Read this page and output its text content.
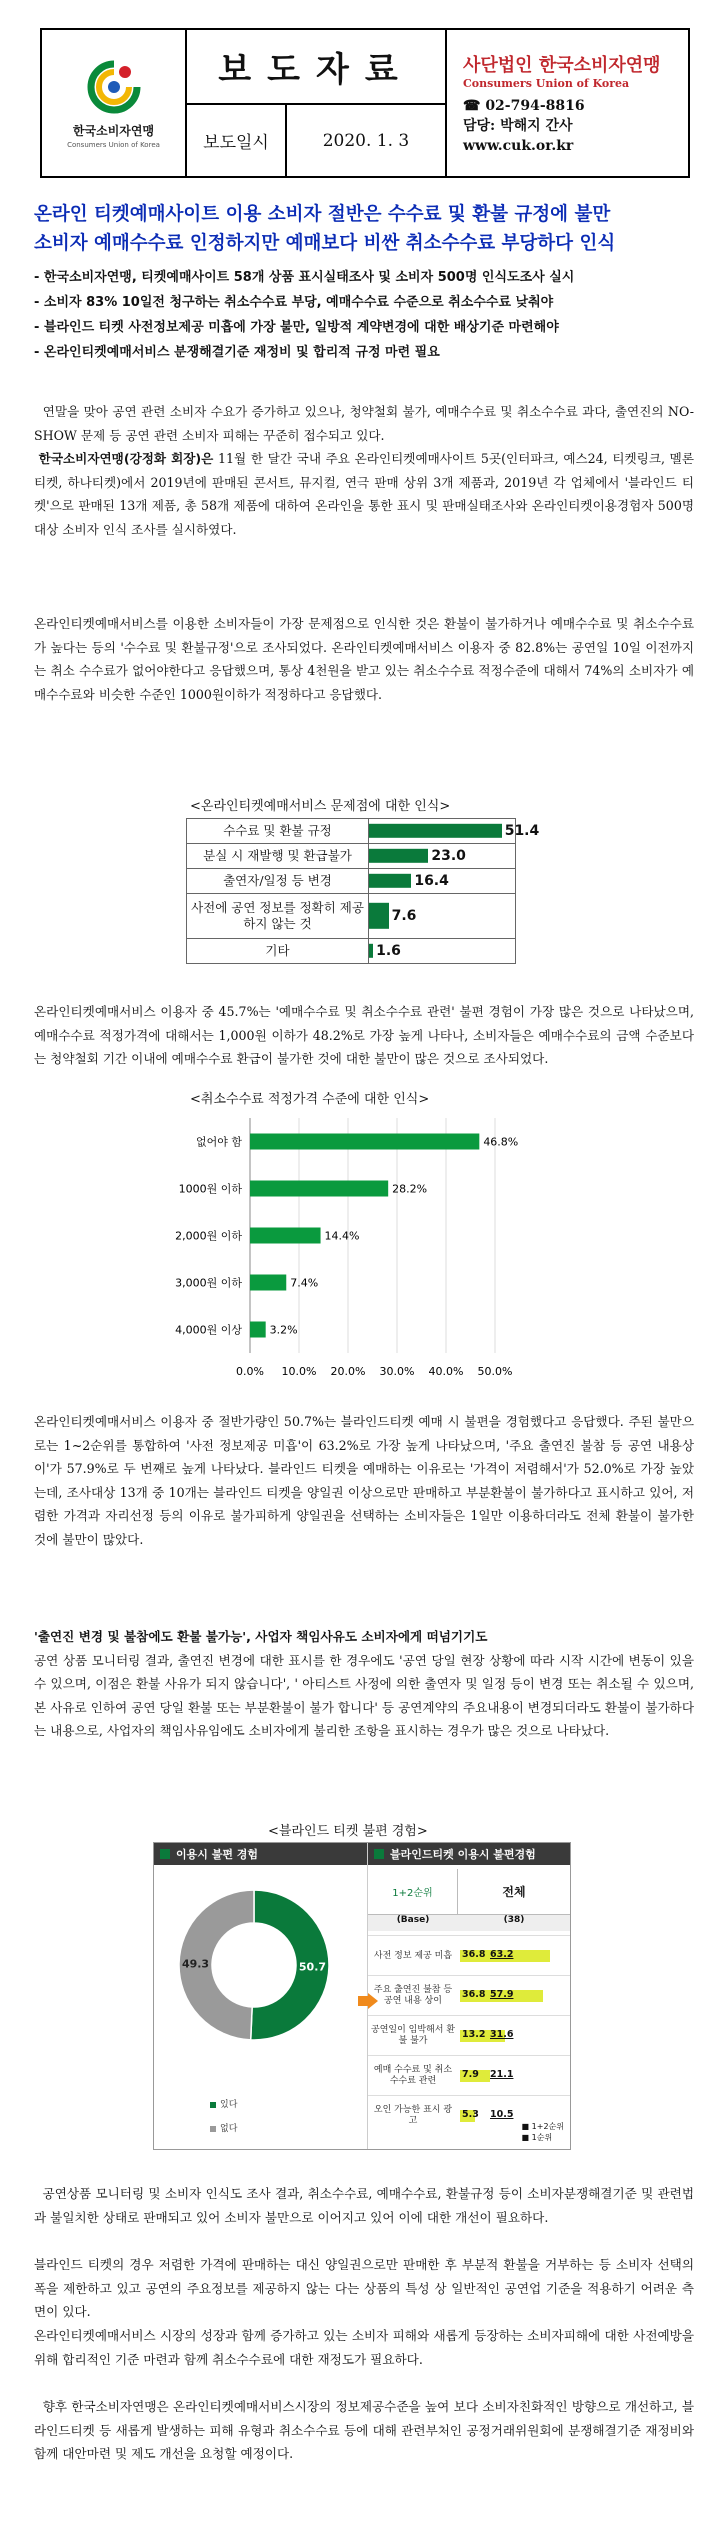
한국소비자연맹
Consumers Union of Korea
보도자료
보도일시	2020. 1. 3
사단법인 한국소비자연맹
Consumers Union of Korea
☎ 02-794-8816
담당: 박해지 간사
www.cuk.or.kr
온라인 티켓예매사이트 이용 소비자 절반은 수수료 및 환불 규정에 불만
소비자 예매수수료 인정하지만 예매보다 비싼 취소수수료 부당하다 인식
- 한국소비자연맹, 티켓예매사이트 58개 상품 표시실태조사 및 소비자 500명 인식도조사 실시
- 소비자 83% 10일전 청구하는 취소수수료 부당, 예매수수료 수준으로 취소수수료 낮춰야
- 블라인드 티켓 사전정보제공 미흡에 가장 불만, 일방적 계약변경에 대한 배상기준 마련해야
- 온라인티켓예매서비스 분쟁해결기준 재정비 및 합리적 규정 마련 필요
연말을 맞아 공연 관련 소비자 수요가 증가하고 있으나, 청약철회 불가, 예매수수료 및 취소수수료 과다, 출연진의 NO-SHOW 문제 등 공연 관련 소비자 피해는 꾸준히 접수되고 있다.
한국소비자연맹(강정화 회장)은 11월 한 달간 국내 주요 온라인티켓예매사이트 5곳(인터파크, 예스24, 티켓링크, 멜론티켓, 하나티켓)에서 2019년에 판매된 콘서트, 뮤지컬, 연극 판매 상위 3개 제품과, 2019년 각 업체에서 '블라인드 티켓'으로 판매된 13개 제품, 총 58개 제품에 대하여 온라인을 통한 표시 및 판매실태조사와 온라인티켓이용경험자 500명 대상 소비자 인식 조사를 실시하였다.
온라인티켓예매서비스를 이용한 소비자들이 가장 문제점으로 인식한 것은 환불이 불가하거나 예매수수료 및 취소수수료가 높다는 등의 '수수료 및 환불규정'으로 조사되었다. 온라인티켓예매서비스 이용자 중 82.8%는 공연일 10일 이전까지는 취소 수수료가 없어야한다고 응답했으며, 통상 4천원을 받고 있는 취소수수료 적정수준에 대해서 74%의 소비자가 예매수수료와 비슷한 수준인 1000원이하가 적정하다고 응답했다.
<온라인티켓예매서비스 문제점에 대한 인식>
수수료 및 환불 규정	51.4
분실 시 재발행 및 환급불가	23.0
출연자/일정 등 변경	16.4
사전에 공연 정보를 정확히 제공하지 않는 것	7.6
기타	1.6
온라인티켓예매서비스 이용자 중 45.7%는 '예매수수료 및 취소수수료 관련' 불편 경험이 가장 많은 것으로 나타났으며, 예매수수료 적정가격에 대해서는 1,000원 이하가 48.2%로 가장 높게 나타나, 소비자들은 예매수수료의 금액 수준보다는 청약철회 기간 이내에 예매수수료 환급이 불가한 것에 대한 불만이 많은 것으로 조사되었다.
<취소수수료 적정가격 수준에 대한 인식>
0.0% 10.0% 20.0% 30.0% 40.0% 50.0%
없어야 함	46.8%
1000원 이하	28.2%
2,000원 이하	14.4%
3,000원 이하	7.4%
4,000원 이상	3.2%
온라인티켓예매서비스 이용자 중 절반가량인 50.7%는 블라인드티켓 예매 시 불편을 경험했다고 응답했다. 주된 불만으로는 1~2순위를 통합하여 '사전 정보제공 미흡'이 63.2%로 가장 높게 나타났으며, '주요 출연진 불참 등 공연 내용상이'가 57.9%로 두 번째로 높게 나타났다. 블라인드 티켓을 예매하는 이유로는 '가격이 저렴해서'가 52.0%로 가장 높았는데, 조사대상 13개 중 10개는 블라인드 티켓을 양일권 이상으로만 판매하고 부분환불이 불가하다고 표시하고 있어, 저렴한 가격과 자리선정 등의 이유로 불가피하게 양일권을 선택하는 소비자들은 1일만 이용하더라도 전체 환불이 불가한 것에 불만이 많았다.
'출연진 변경 및 불참에도 환불 불가능', 사업자 책임사유도 소비자에게 떠넘기기도
공연 상품 모니터링 결과, 출연진 변경에 대한 표시를 한 경우에도 '공연 당일 현장 상황에 따라 시작 시간에 변동이 있을 수 있으며, 이점은 환불 사유가 되지 않습니다', ' 아티스트 사정에 의한 출연자 및 일정 등이 변경 또는 취소될 수 있으며, 본 사유로 인하여 공연 당일 환불 또는 부분환불이 불가 합니다' 등 공연계약의 주요내용이 변경되더라도 환불이 불가하다는 내용으로, 사업자의 책임사유임에도 소비자에게 불리한 조항을 표시하는 경우가 많은 것으로 나타났다.
<블라인드 티켓 불편 경험>
이용시 불편 경험
50.7
49.3
있다
없다
블라인드티켓 이용시 불편경험
1+2순위	전체
(Base)	(38)
사전 정보 제공 미흡	36.8 63.2
주요 출연진 불참 등 공연 내용 상이
36.8 57.9
공연일이 임박해서 환불 불가
13.2 31.6
예매 수수료 및 취소수수료 관련
7.9 21.1
오인 가능한 표시 광고
5.3 10.5
■ 1+2순위
■ 1순위
공연상품 모니터링 및 소비자 인식도 조사 결과, 취소수수료, 예매수수료, 환불규정 등이 소비자분쟁해결기준 및 관련법과 불일치한 상태로 판매되고 있어 소비자 불만으로 이어지고 있어 이에 대한 개선이 필요하다.
블라인드 티켓의 경우 저렴한 가격에 판매하는 대신 양일권으로만 판매한 후 부분적 환불을 거부하는 등 소비자 선택의 폭을 제한하고 있고 공연의 주요정보를 제공하지 않는 다는 상품의 특성 상 일반적인 공연업 기준을 적용하기 어려운 측면이 있다.
온라인티켓예매서비스 시장의 성장과 함께 증가하고 있는 소비자 피해와 새롭게 등장하는 소비자피해에 대한 사전예방을 위해 합리적인 기준 마련과 함께 취소수수료에 대한 재정도가 필요하다.
향후 한국소비자연맹은 온라인티켓예매서비스시장의 정보제공수준을 높여 보다 소비자친화적인 방향으로 개선하고, 블라인드티켓 등 새롭게 발생하는 피해 유형과 취소수수료 등에 대해 관련부처인 공정거래위원회에 분쟁해결기준 재정비와 함께 대안마련 및 제도 개선을 요청할 예정이다.
